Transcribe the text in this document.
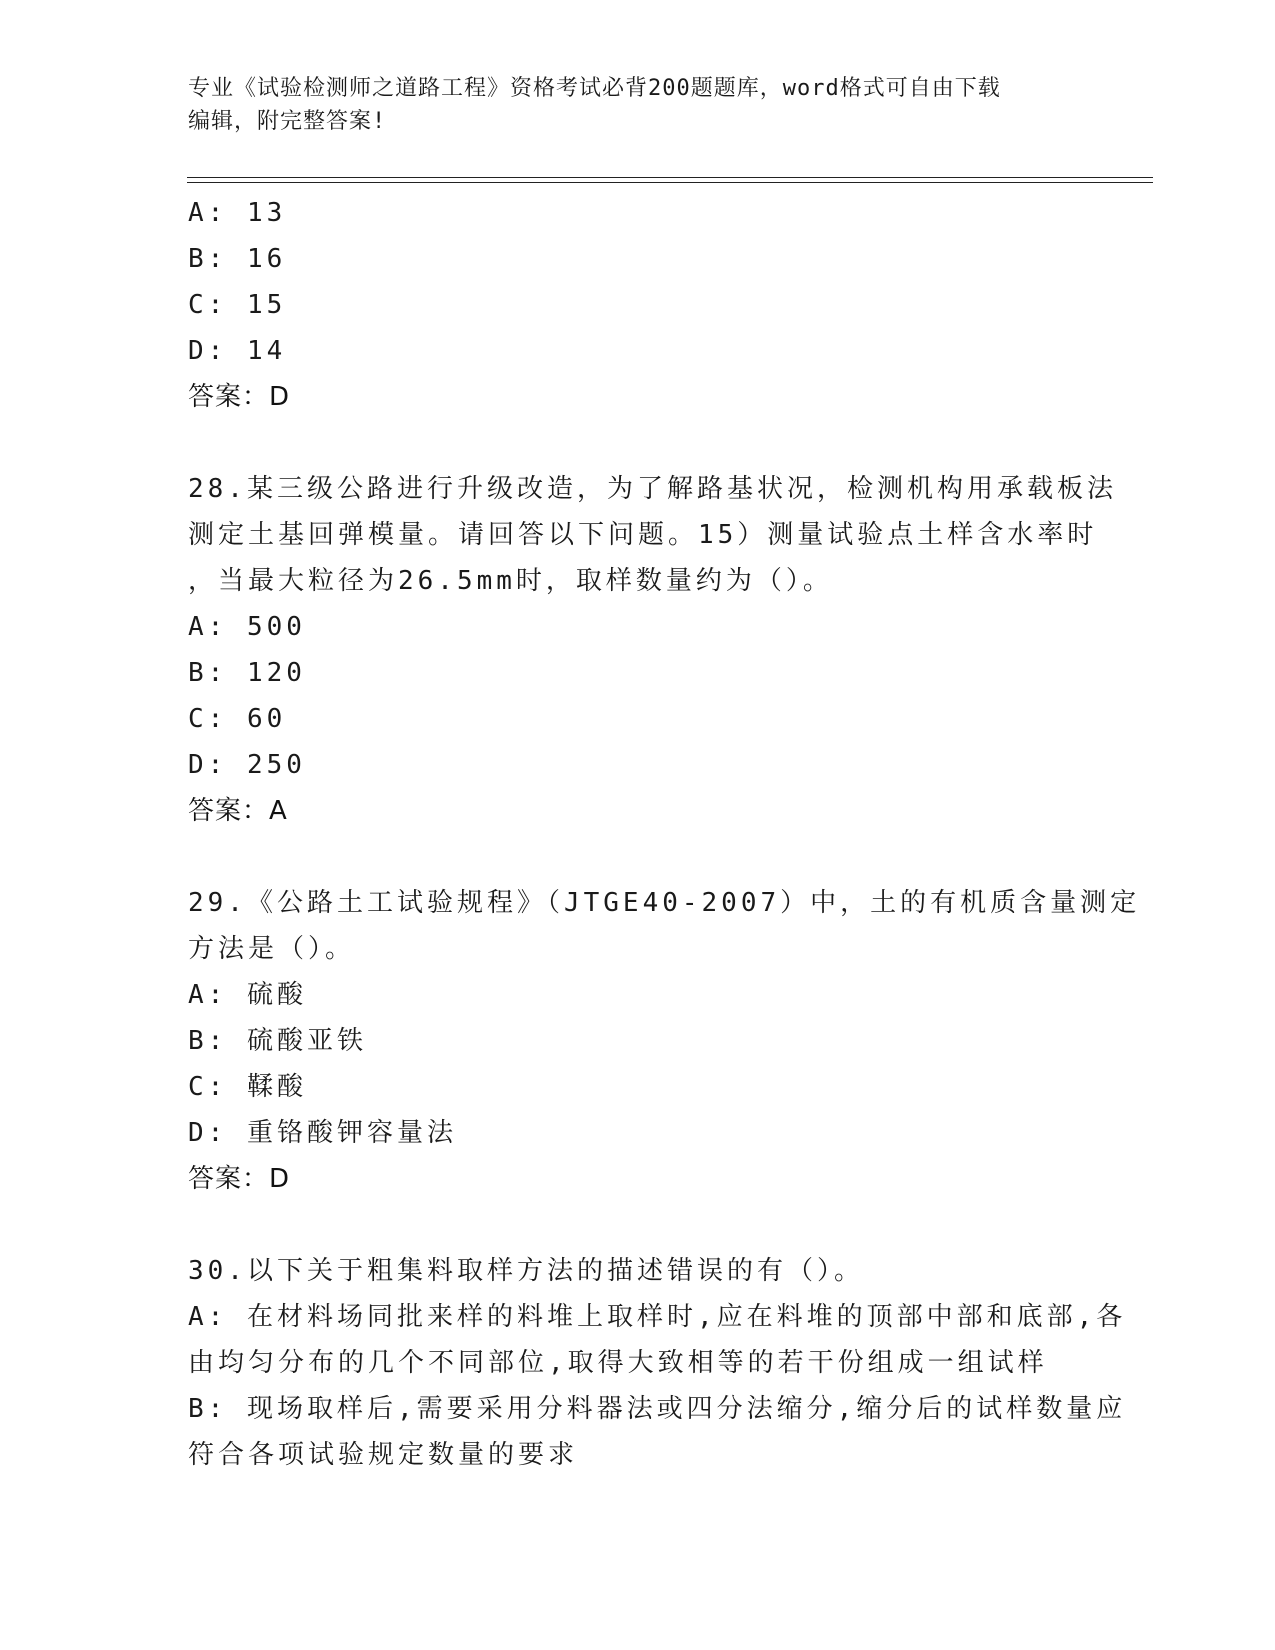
专业《试验检测师之道路工程》资格考试必背200题题库，word格式可自由下载
编辑，附完整答案!
A: 13
B: 16
C: 15
D: 14
答案：D
28.某三级公路进行升级改造，为了解路基状况，检测机构用承载板法
测定土基回弹模量。请回答以下问题。15）测量试验点土样含水率时
，当最大粒径为26.5mm时，取样数量约为（）。
A: 500
B: 120
C: 60
D: 250
答案：A
29.《公路土工试验规程》（JTGE40-2007）中，土的有机质含量测定
方法是（）。
A: 硫酸
B: 硫酸亚铁
C: 鞣酸
D: 重铬酸钾容量法
答案：D
30.以下关于粗集料取样方法的描述错误的有（）。
A: 在材料场同批来样的料堆上取样时,应在料堆的顶部中部和底部,各
由均匀分布的几个不同部位,取得大致相等的若干份组成一组试样
B: 现场取样后,需要采用分料器法或四分法缩分,缩分后的试样数量应
符合各项试验规定数量的要求
